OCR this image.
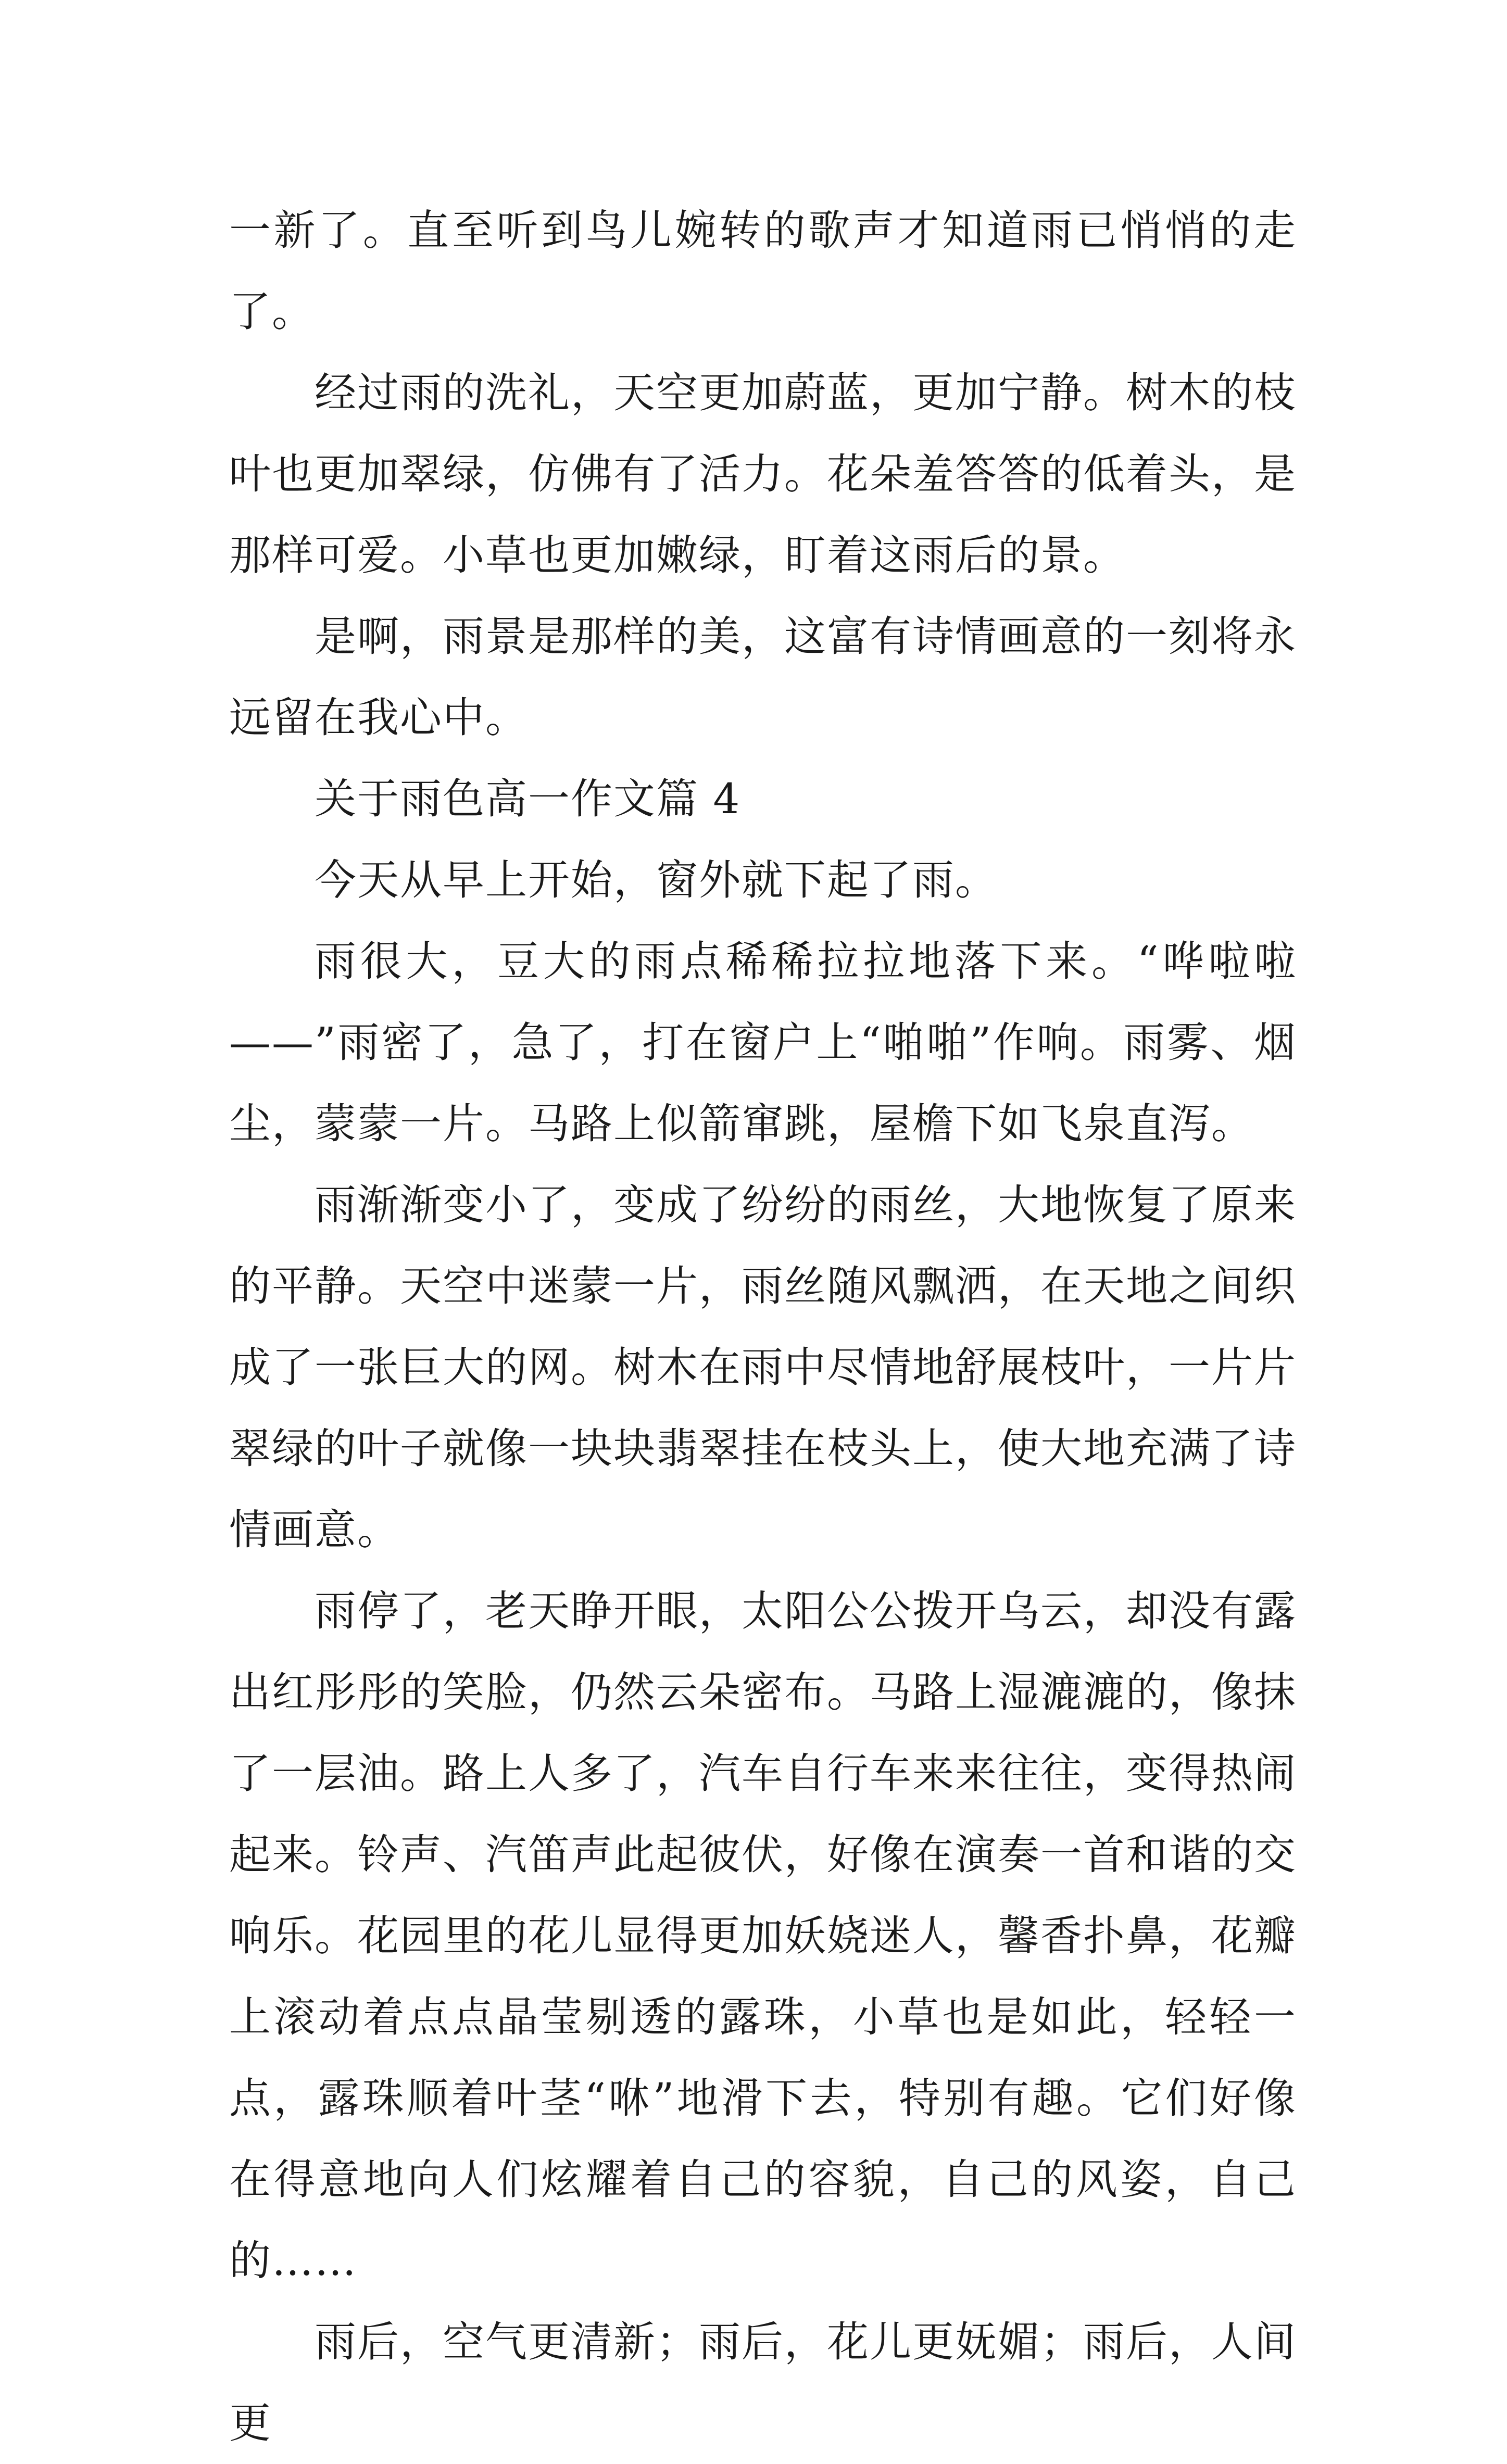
一新了。直至听到鸟儿婉转的歌声才知道雨已悄悄的走了。

经过雨的洗礼，天空更加蔚蓝，更加宁静。树木的枝叶也更加翠绿，仿佛有了活力。花朵羞答答的低着头，是那样可爱。小草也更加嫩绿，盯着这雨后的景。

是啊，雨景是那样的美，这富有诗情画意的一刻将永远留在我心中。

关于雨色高一作文篇 4

今天从早上开始，窗外就下起了雨。

雨很大，豆大的雨点稀稀拉拉地落下来。“哗啦啦——”雨密了，急了，打在窗户上“啪啪”作响。雨雾、烟尘，蒙蒙一片。马路上似箭窜跳，屋檐下如飞泉直泻。

雨渐渐变小了，变成了纷纷的雨丝，大地恢复了原来的平静。天空中迷蒙一片，雨丝随风飘洒，在天地之间织成了一张巨大的网。树木在雨中尽情地舒展枝叶，一片片翠绿的叶子就像一块块翡翠挂在枝头上，使大地充满了诗情画意。

雨停了，老天睁开眼，太阳公公拨开乌云，却没有露出红彤彤的笑脸，仍然云朵密布。马路上湿漉漉的，像抹了一层油。路上人多了，汽车自行车来来往往，变得热闹起来。铃声、汽笛声此起彼伏，好像在演奏一首和谐的交响乐。花园里的花儿显得更加妖娆迷人，馨香扑鼻，花瓣上滚动着点点晶莹剔透的露珠，小草也是如此，轻轻一点，露珠顺着叶茎“咻”地滑下去，特别有趣。它们好像在得意地向人们炫耀着自己的容貌，自己的风姿，自己的……

雨后，空气更清新；雨后，花儿更妩媚；雨后，人间更
